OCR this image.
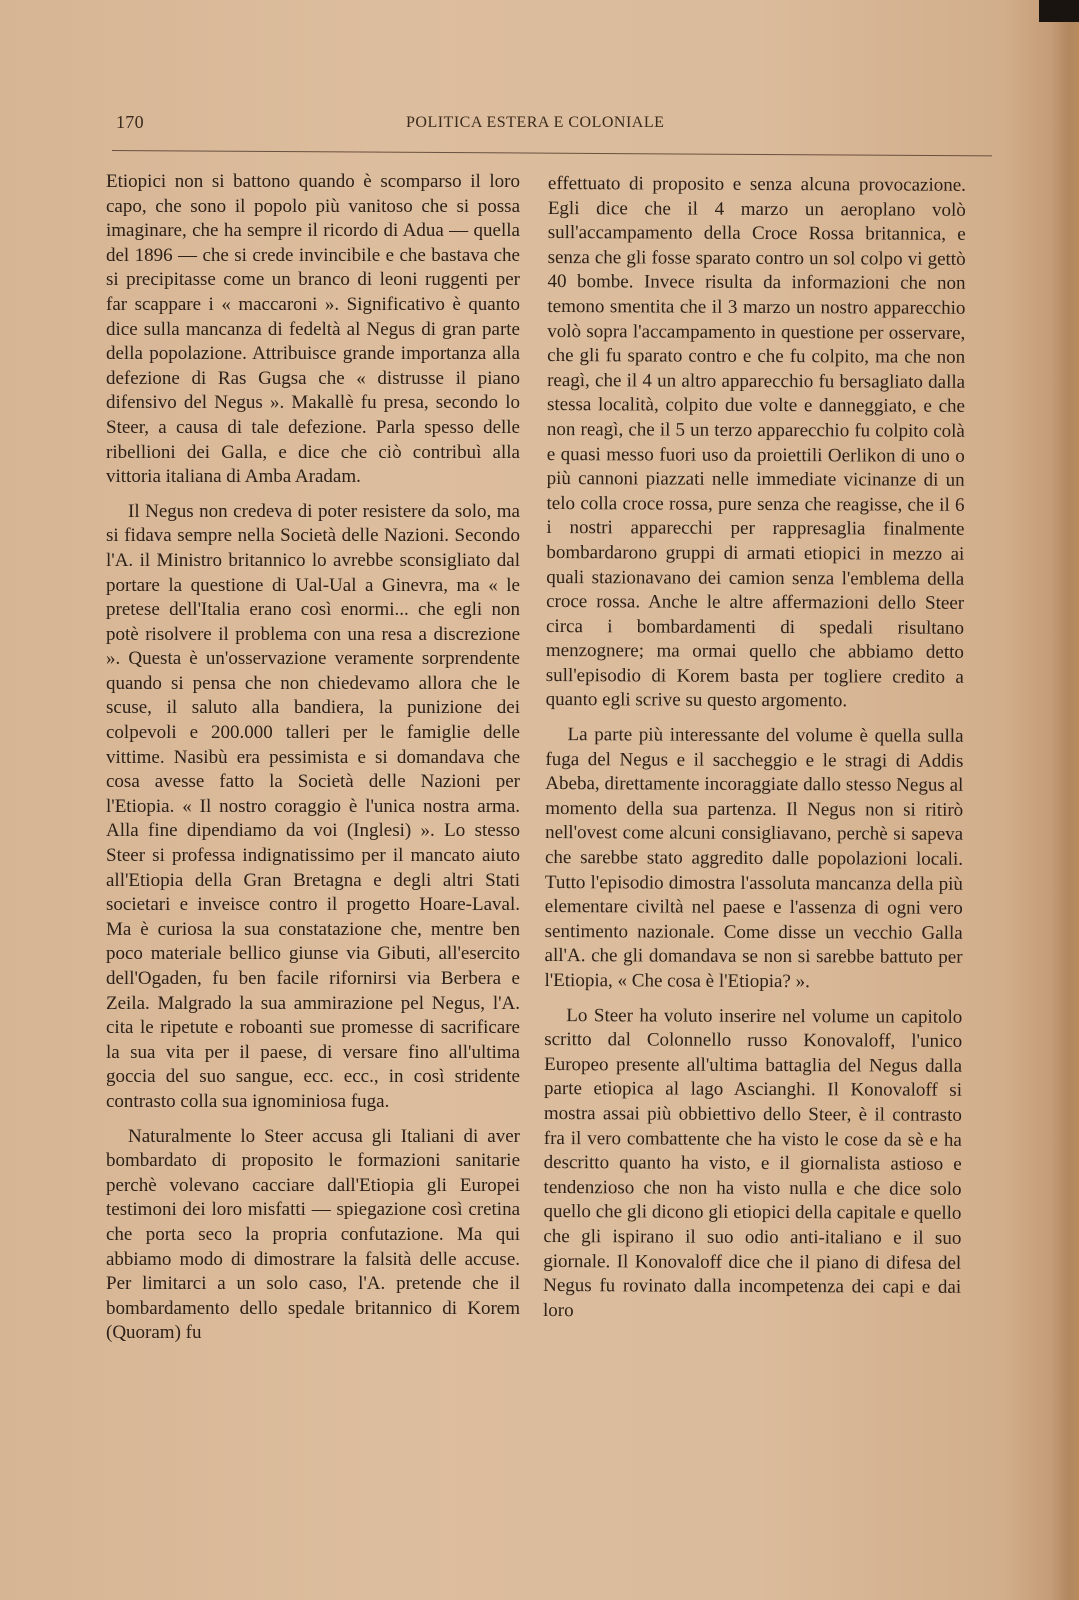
170	POLITICA ESTERA E COLONIALE

Etiopici non si battono quando è scomparso il loro capo, che sono il popolo più vanitoso che si possa imaginare, che ha sempre il ricordo di Adua — quella del 1896 — che si crede invincibile e che bastava che si precipitasse come un branco di leoni ruggenti per far scappare i « maccaroni ». Significativo è quanto dice sulla mancanza di fedeltà al Negus di gran parte della popolazione. Attribuisce grande importanza alla defezione di Ras Gugsa che « distrusse il piano difensivo del Negus ». Makallè fu presa, secondo lo Steer, a causa di tale defezione. Parla spesso delle ribellioni dei Galla, e dice che ciò contribuì alla vittoria italiana di Amba Aradam.

Il Negus non credeva di poter resistere da solo, ma si fidava sempre nella Società delle Nazioni. Secondo l'A. il Ministro britannico lo avrebbe sconsigliato dal portare la questione di Ual-Ual a Ginevra, ma « le pretese dell'Italia erano così enormi... che egli non potè risolvere il problema con una resa a discrezione ». Questa è un'osservazione veramente sorprendente quando si pensa che non chiedevamo allora che le scuse, il saluto alla bandiera, la punizione dei colpevoli e 200.000 talleri per le famiglie delle vittime. Nasibù era pessimista e si domandava che cosa avesse fatto la Società delle Nazioni per l'Etiopia. « Il nostro coraggio è l'unica nostra arma. Alla fine dipendiamo da voi (Inglesi) ». Lo stesso Steer si professa indignatissimo per il mancato aiuto all'Etiopia della Gran Bretagna e degli altri Stati societari e inveisce contro il progetto Hoare-Laval. Ma è curiosa la sua constatazione che, mentre ben poco materiale bellico giunse via Gibuti, all'esercito dell'Ogaden, fu ben facile rifornirsi via Berbera e Zeila. Malgrado la sua ammirazione pel Negus, l'A. cita le ripetute e roboanti sue promesse di sacrificare la sua vita per il paese, di versare fino all'ultima goccia del suo sangue, ecc. ecc., in così stridente contrasto colla sua ignominiosa fuga.

Naturalmente lo Steer accusa gli Italiani di aver bombardato di proposito le formazioni sanitarie perchè volevano cacciare dall'Etiopia gli Europei testimoni dei loro misfatti — spiegazione così cretina che porta seco la propria confutazione. Ma qui abbiamo modo di dimostrare la falsità delle accuse. Per limitarci a un solo caso, l'A. pretende che il bombardamento dello spedale britannico di Korem (Quoram) fu

effettuato di proposito e senza alcuna provocazione. Egli dice che il 4 marzo un aeroplano volò sull'accampamento della Croce Rossa britannica, e senza che gli fosse sparato contro un sol colpo vi gettò 40 bombe. Invece risulta da informazioni che non temono smentita che il 3 marzo un nostro apparecchio volò sopra l'accampamento in questione per osservare, che gli fu sparato contro e che fu colpito, ma che non reagì, che il 4 un altro apparecchio fu bersagliato dalla stessa località, colpito due volte e danneggiato, e che non reagì, che il 5 un terzo apparecchio fu colpito colà e quasi messo fuori uso da proiettili Oerlikon di uno o più cannoni piazzati nelle immediate vicinanze di un telo colla croce rossa, pure senza che reagisse, che il 6 i nostri apparecchi per rappresaglia finalmente bombardarono gruppi di armati etiopici in mezzo ai quali stazionavano dei camion senza l'emblema della croce rossa. Anche le altre affermazioni dello Steer circa i bombardamenti di spedali risultano menzognere; ma ormai quello che abbiamo detto sull'episodio di Korem basta per togliere credito a quanto egli scrive su questo argomento.

La parte più interessante del volume è quella sulla fuga del Negus e il saccheggio e le stragi di Addis Abeba, direttamente incoraggiate dallo stesso Negus al momento della sua partenza. Il Negus non si ritirò nell'ovest come alcuni consigliavano, perchè si sapeva che sarebbe stato aggredito dalle popolazioni locali. Tutto l'episodio dimostra l'assoluta mancanza della più elementare civiltà nel paese e l'assenza di ogni vero sentimento nazionale. Come disse un vecchio Galla all'A. che gli domandava se non si sarebbe battuto per l'Etiopia, « Che cosa è l'Etiopia? ».

Lo Steer ha voluto inserire nel volume un capitolo scritto dal Colonnello russo Konovaloff, l'unico Europeo presente all'ultima battaglia del Negus dalla parte etiopica al lago Ascianghi. Il Konovaloff si mostra assai più obbiettivo dello Steer, è il contrasto fra il vero combattente che ha visto le cose da sè e ha descritto quanto ha visto, e il giornalista astioso e tendenzioso che non ha visto nulla e che dice solo quello che gli dicono gli etiopici della capitale e quello che gli ispirano il suo odio anti-italiano e il suo giornale. Il Konovaloff dice che il piano di difesa del Negus fu rovinato dalla incompetenza dei capi e dai loro
